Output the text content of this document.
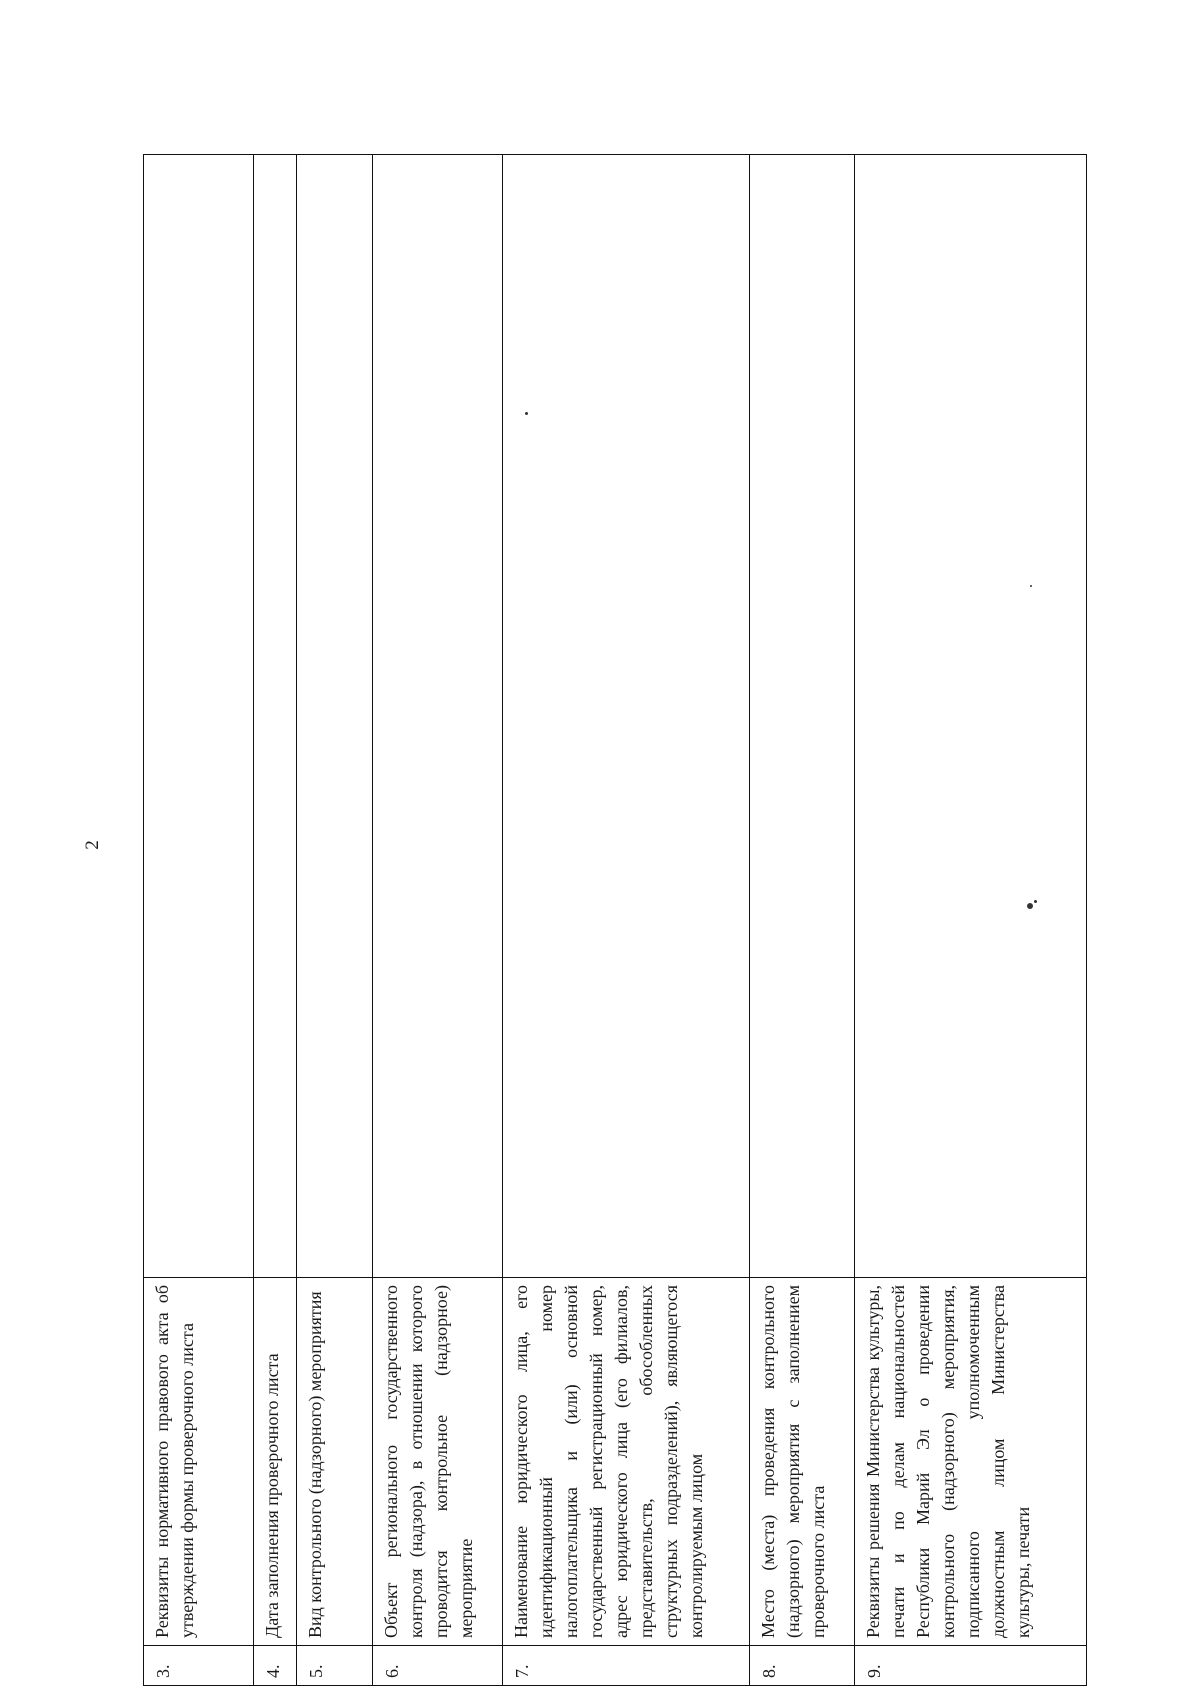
2
3.
Реквизиты нормативного правового акта об утверждении формы проверочного листа
4.
Дата заполнения проверочного листа
5.
Вид контрольного (надзорного) мероприятия
6.
Объект регионального государственного контроля (надзора), в отношении которого проводится контрольное (надзорное) мероприятие
7.
Наименование юридического лица, его идентификационный номер налогоплательщика и (или) основной государственный регистрационный номер, адрес юридического лица (его филиалов, представительств, обособленных структурных подразделений), являющегося контролируемым лицом
8.
Место (места) проведения контрольного (надзорного) мероприятия с заполнением проверочного листа
9.
Реквизиты решения Министерства культуры, печати и по делам национальностей Республики Марий Эл о проведении контрольного (надзорного) мероприятия, подписанного уполномоченным должностным лицом Министерства культуры, печати
